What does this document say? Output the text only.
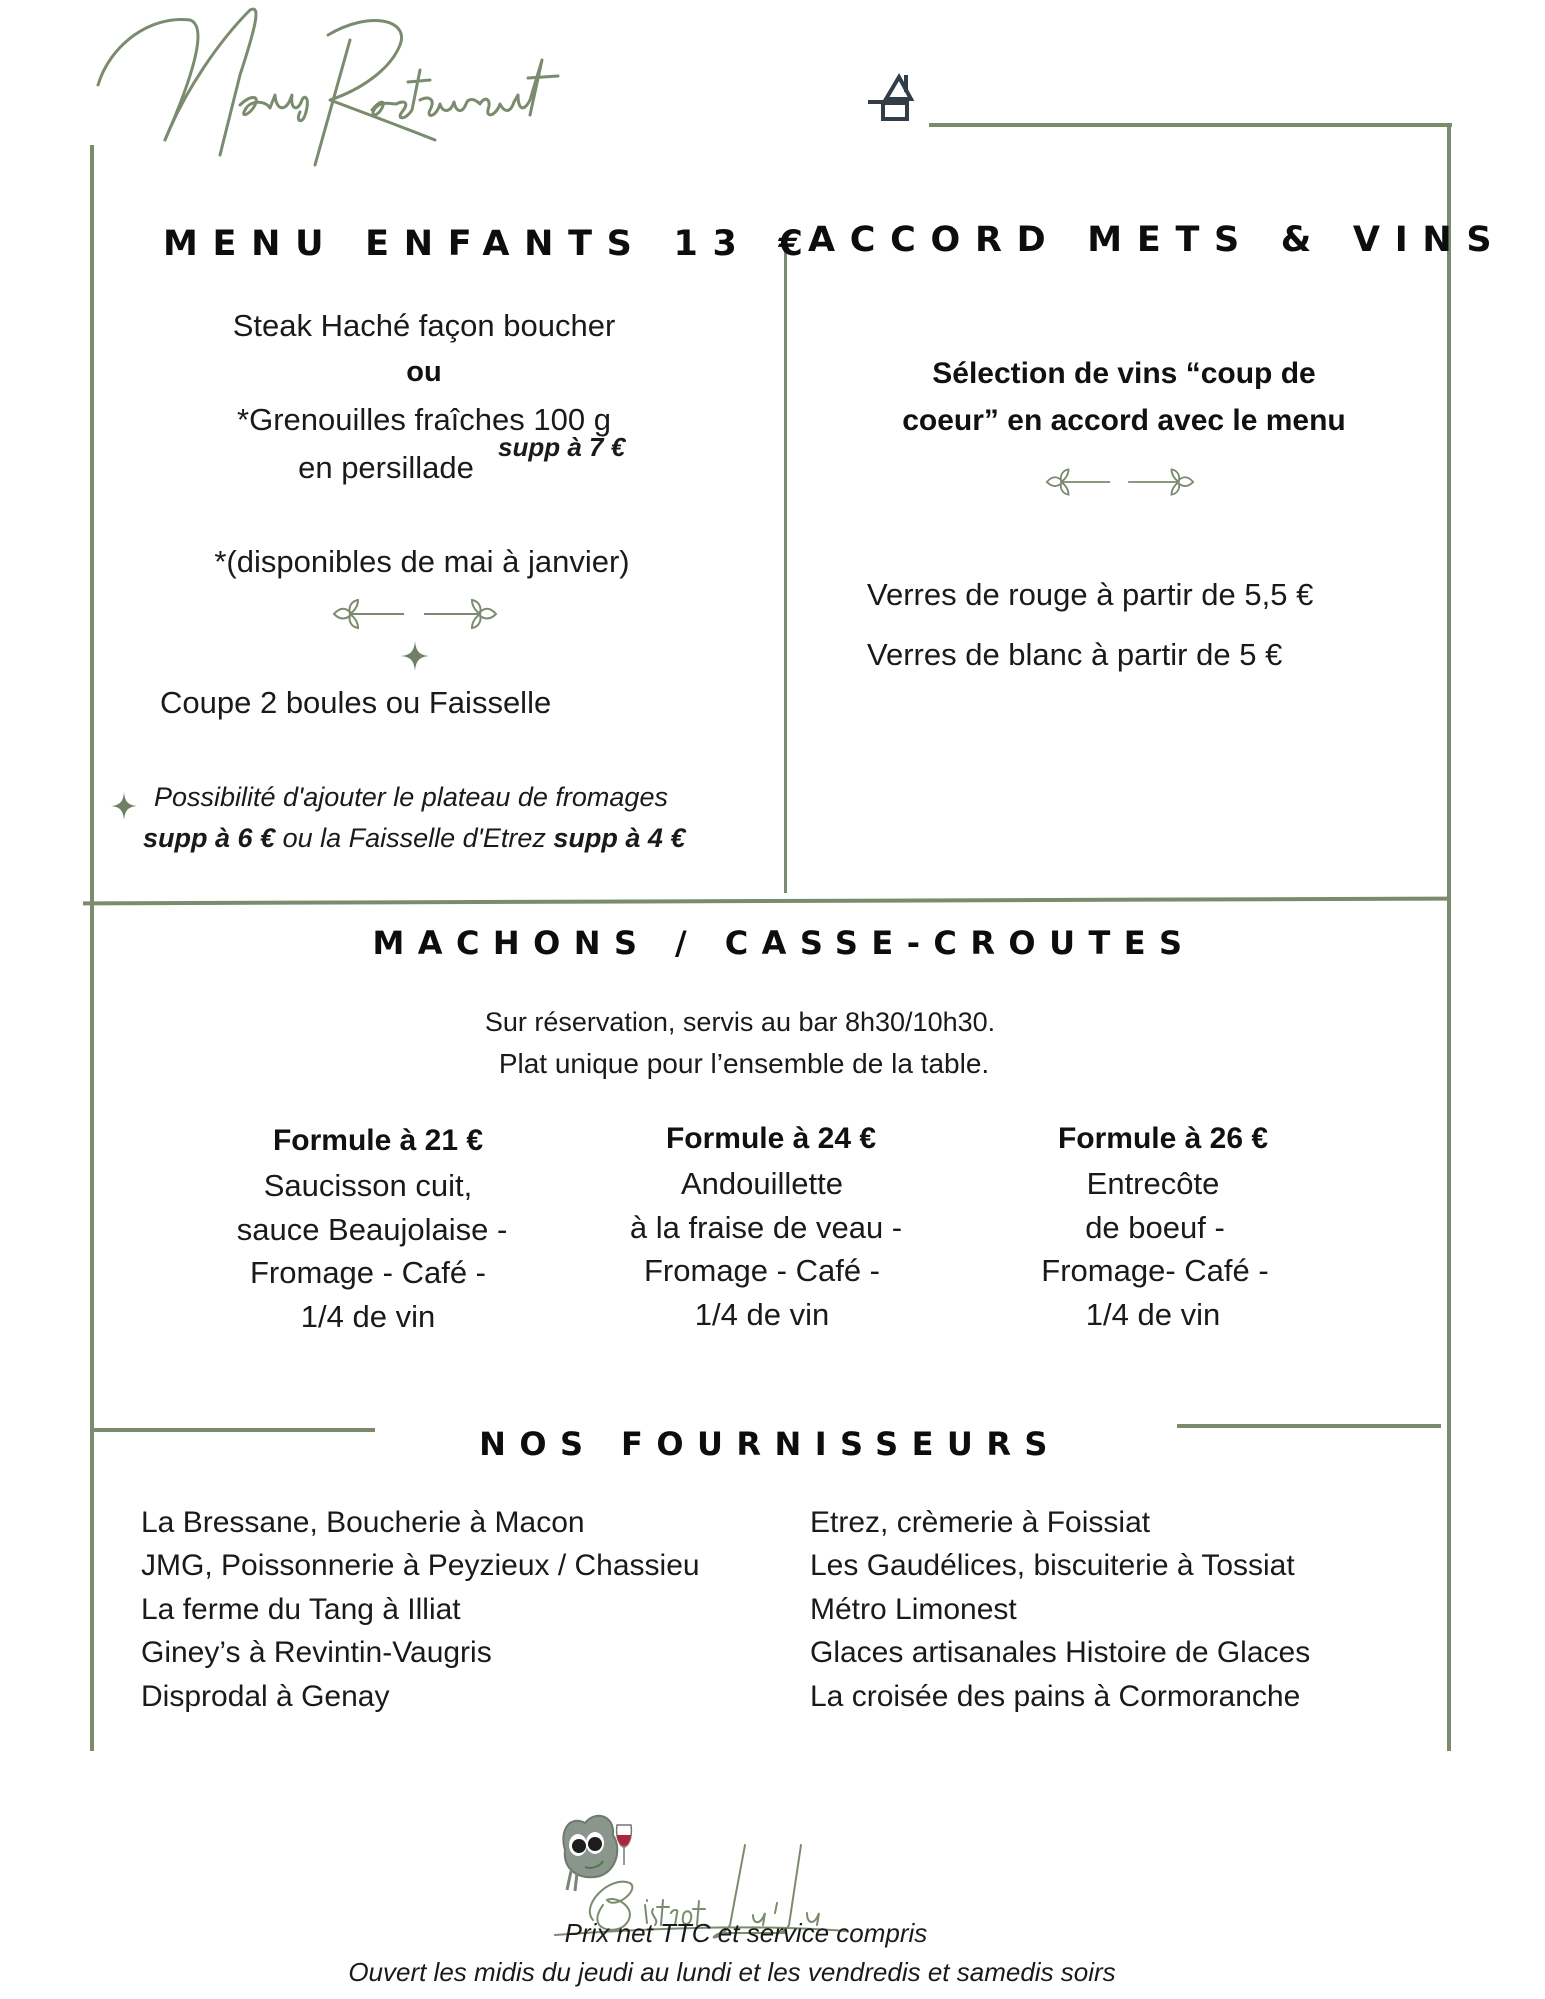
MENU ENFANTS 13 €
Steak Haché façon boucher
ou
*Grenouilles fraîches 100 g
en persillade
supp à 7 €
*(disponibles de mai à janvier)
Coupe 2 boules ou Faisselle
Possibilité d'ajouter le plateau de fromages
supp à 6 € ou la Faisselle d'Etrez supp à 4 €
ACCORD METS & VINS
Sélection de vins “coup de
coeur” en accord avec le menu
Verres de rouge à partir de 5,5 €
Verres de blanc à partir de 5 €
MACHONS / CASSE-CROUTES
Sur réservation, servis au bar 8h30/10h30.
Plat unique pour l’ensemble de la table.
Formule à 21 €
Saucisson cuit,
sauce Beaujolaise -
Fromage - Café -
1/4 de vin
Formule à 24 €
Andouillette
à la fraise de veau -
Fromage - Café -
1/4 de vin
Formule à 26 €
Entrecôte
de boeuf -
Fromage- Café -
1/4 de vin
NOS FOURNISSEURS
La Bressane, Boucherie à Macon
JMG, Poissonnerie à Peyzieux / Chassieu
La ferme du Tang à Illiat
Giney’s à Revintin-Vaugris
Disprodal à Genay
Etrez, crèmerie à Foissiat
Les Gaudélices, biscuiterie à Tossiat
Métro Limonest
Glaces artisanales Histoire de Glaces
La croisée des pains à Cormoranche
Prix net TTC et service compris
Ouvert les midis du jeudi au lundi et les vendredis et samedis soirs
